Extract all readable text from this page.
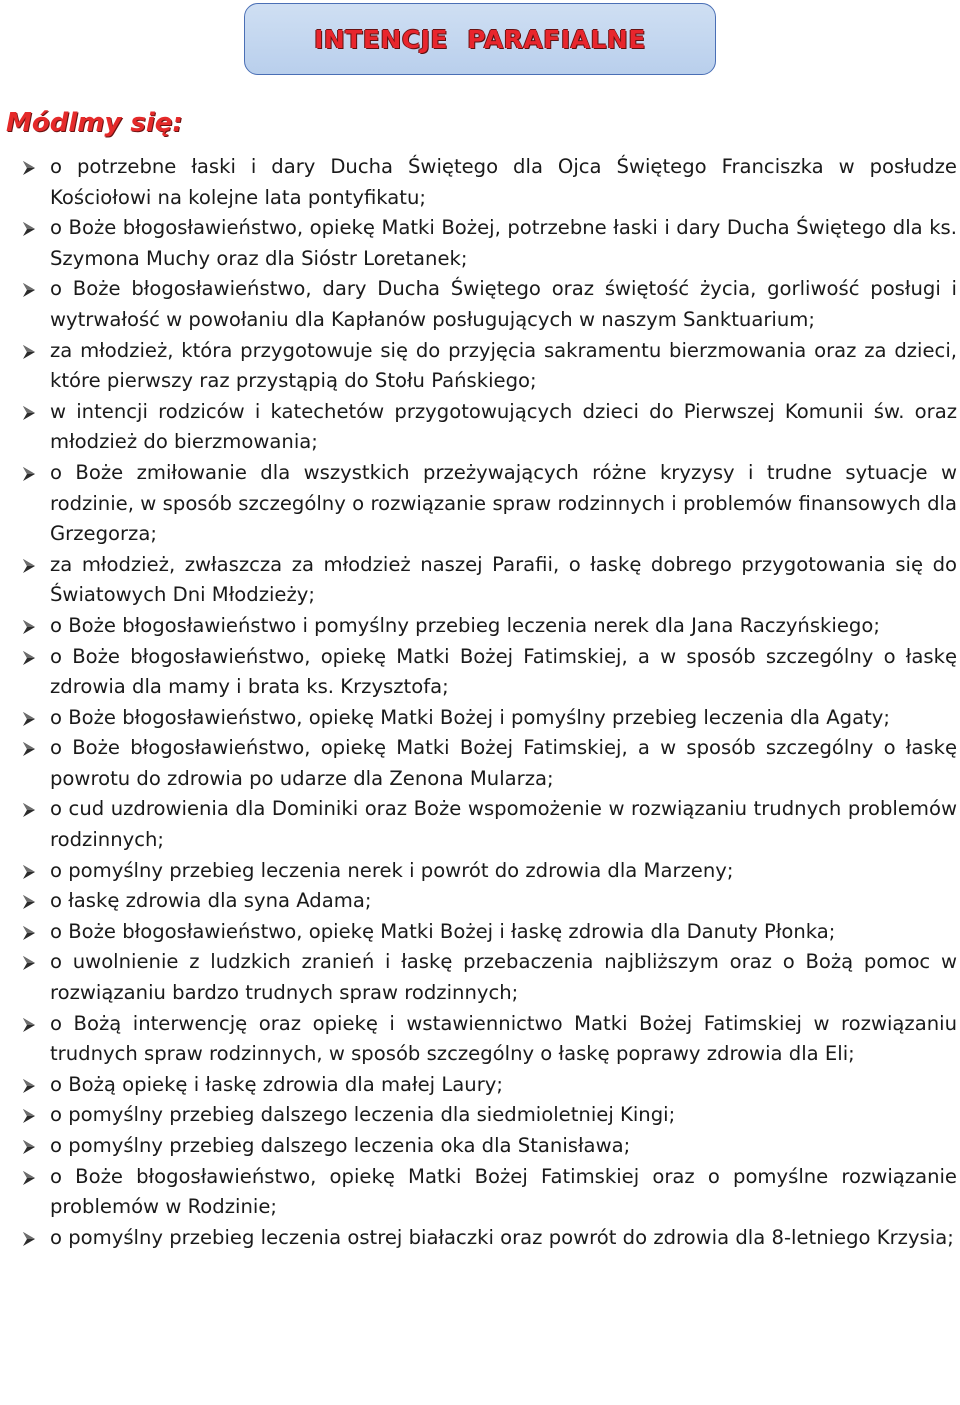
INTENCJE PARAFIALNE
Módlmy się:
o potrzebne łaski i dary Ducha Świętego dla Ojca Świętego Franciszka w posłudze Kościołowi na kolejne lata pontyfikatu;
o Boże błogosławieństwo, opiekę Matki Bożej, potrzebne łaski i dary Ducha Świętego dla ks. Szymona Muchy oraz dla Sióstr Loretanek;
o Boże błogosławieństwo, dary Ducha Świętego oraz świętość życia, gorliwość posługi i wytrwałość w powołaniu dla Kapłanów posługujących w naszym Sanktuarium;
za młodzież, która przygotowuje się do przyjęcia sakramentu bierzmowania oraz za dzieci, które pierwszy raz przystąpią do Stołu Pańskiego;
w intencji rodziców i katechetów przygotowujących dzieci do Pierwszej Komunii św. oraz młodzież do bierzmowania;
o Boże zmiłowanie dla wszystkich przeżywających różne kryzysy i trudne sytuacje w rodzinie, w sposób szczególny o rozwiązanie spraw rodzinnych i problemów finansowych dla Grzegorza;
za młodzież, zwłaszcza za młodzież naszej Parafii, o łaskę dobrego przygotowania się do Światowych Dni Młodzieży;
o Boże błogosławieństwo i pomyślny przebieg leczenia nerek dla Jana Raczyńskiego;
o Boże błogosławieństwo, opiekę Matki Bożej Fatimskiej, a w sposób szczególny o łaskę zdrowia dla mamy i brata ks. Krzysztofa;
o Boże błogosławieństwo, opiekę Matki Bożej i pomyślny przebieg leczenia dla Agaty;
o Boże błogosławieństwo, opiekę Matki Bożej Fatimskiej, a w sposób szczególny o łaskę powrotu do zdrowia po udarze dla Zenona Mularza;
o cud uzdrowienia dla Dominiki oraz Boże wspomożenie w rozwiązaniu trudnych problemów rodzinnych;
o pomyślny przebieg leczenia nerek i powrót do zdrowia dla Marzeny;
o łaskę zdrowia dla syna Adama;
o Boże błogosławieństwo, opiekę Matki Bożej i łaskę zdrowia dla Danuty Płonka;
o uwolnienie z ludzkich zranień i łaskę przebaczenia najbliższym oraz o Bożą pomoc w rozwiązaniu bardzo trudnych spraw rodzinnych;
o Bożą interwencję oraz opiekę i wstawiennictwo Matki Bożej Fatimskiej w rozwiązaniu trudnych spraw rodzinnych, w sposób szczególny o łaskę poprawy zdrowia dla Eli;
o Bożą opiekę i łaskę zdrowia dla małej Laury;
o pomyślny przebieg dalszego leczenia dla siedmioletniej Kingi;
o pomyślny przebieg dalszego leczenia oka dla Stanisława;
o Boże błogosławieństwo, opiekę Matki Bożej Fatimskiej oraz o pomyślne rozwiązanie problemów w Rodzinie;
o pomyślny przebieg leczenia ostrej białaczki oraz powrót do zdrowia dla 8-letniego Krzysia;
